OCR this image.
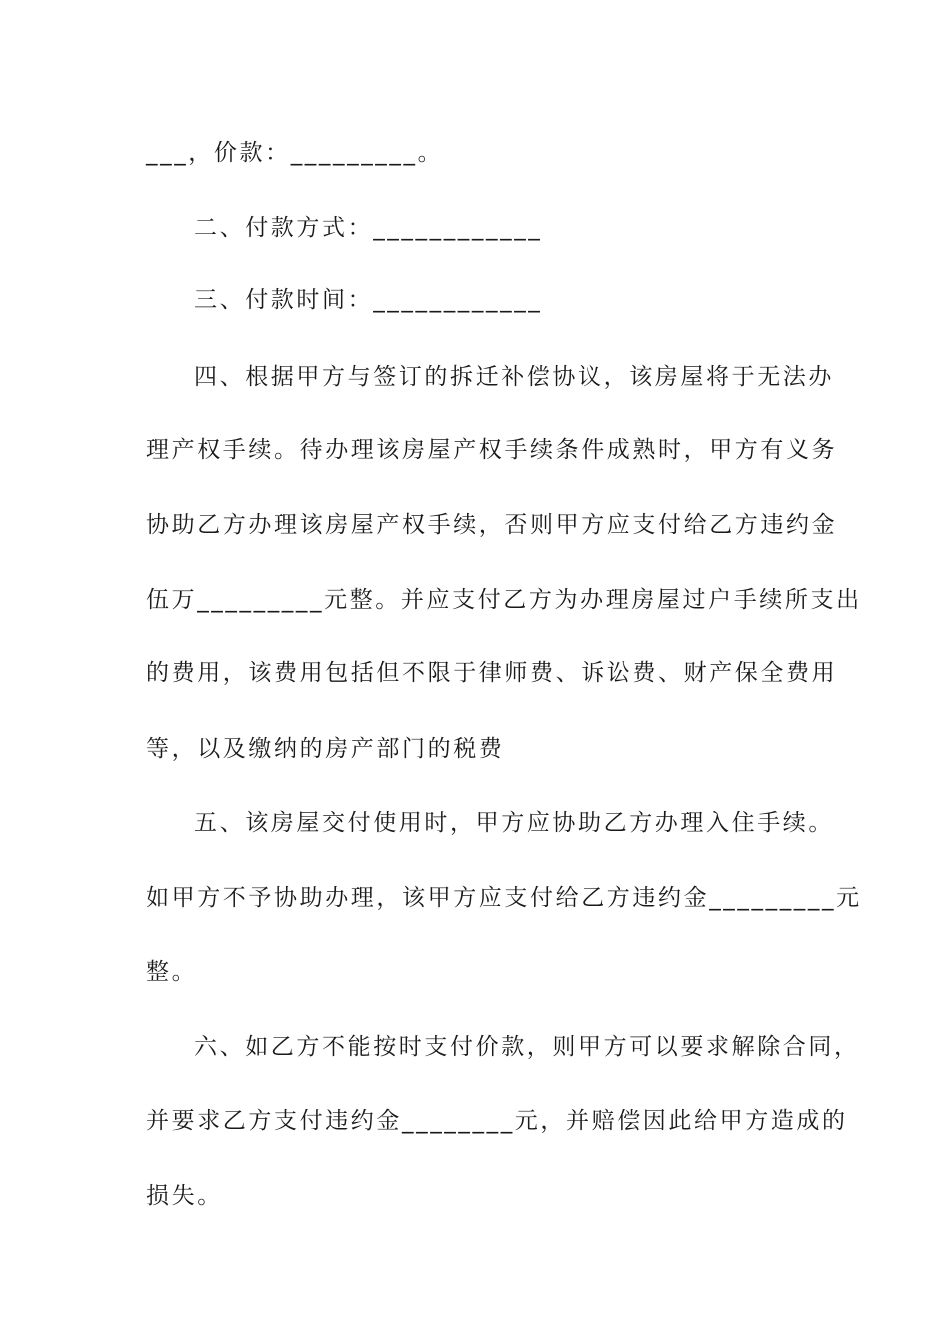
___，价款：_________。
二、付款方式：____________
三、付款时间：____________
四、根据甲方与签订的拆迁补偿协议，该房屋将于无法办
理产权手续。待办理该房屋产权手续条件成熟时，甲方有义务
协助乙方办理该房屋产权手续，否则甲方应支付给乙方违约金
伍万_________元整。并应支付乙方为办理房屋过户手续所支出
的费用，该费用包括但不限于律师费、诉讼费、财产保全费用
等，以及缴纳的房产部门的税费
五、该房屋交付使用时，甲方应协助乙方办理入住手续。
如甲方不予协助办理，该甲方应支付给乙方违约金_________元
整。
六、如乙方不能按时支付价款，则甲方可以要求解除合同，
并要求乙方支付违约金________元，并赔偿因此给甲方造成的
损失。
